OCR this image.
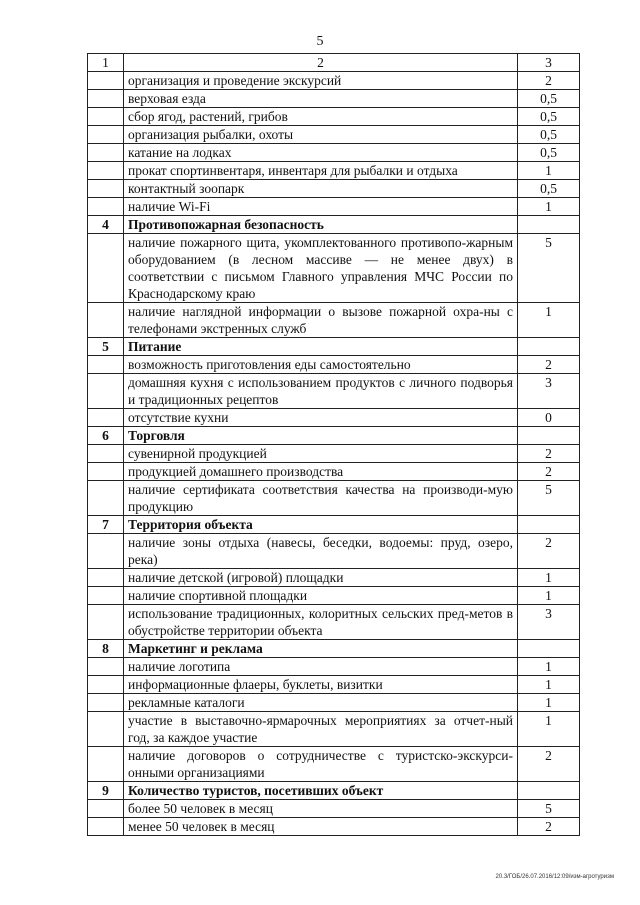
5
1	2	3
	организация и проведение экскурсий	2
	верховая езда	0,5
	сбор ягод, растений, грибов	0,5
	организация рыбалки, охоты	0,5
	катание на лодках	0,5
	прокат спортинвентаря, инвентаря для рыбалки и отдыха	1
	контактный зоопарк	0,5
	наличие Wi-Fi	1
4	Противопожарная безопасность	
	наличие пожарного щита, укомплектованного противопо-жарным оборудованием (в лесном массиве — не менее двух) в соответствии с письмом Главного управления МЧС России по Краснодарскому краю	5
	наличие наглядной информации о вызове пожарной охра-ны с телефонами экстренных служб	1
5	Питание	
	возможность приготовления еды самостоятельно	2
	домашняя кухня с использованием продуктов с личного подворья и традиционных рецептов	3
	отсутствие кухни	0
6	Торговля	
	сувенирной продукцией	2
	продукцией домашнего производства	2
	наличие сертификата соответствия качества на производи-мую продукцию	5
7	Территория объекта	
	наличие зоны отдыха (навесы, беседки, водоемы: пруд, озеро, река)	2
	наличие детской (игровой) площадки	1
	наличие спортивной площадки	1
	использование традиционных, колоритных сельских пред-метов в обустройстве территории объекта	3
8	Маркетинг и реклама	
	наличие логотипа	1
	информационные флаеры, буклеты, визитки	1
	рекламные каталоги	1
	участие в выставочно-ярмарочных мероприятиях за отчет-ный год, за каждое участие	1
	наличие договоров о сотрудничестве с туристско-экскурси-онными организациями	2
9	Количество туристов, посетивших объект	
	более 50 человек в месяц	5
	менее 50 человек в месяц	2
20.3/ГОБ/26.07.2016/12:09/изм-агротуризм
